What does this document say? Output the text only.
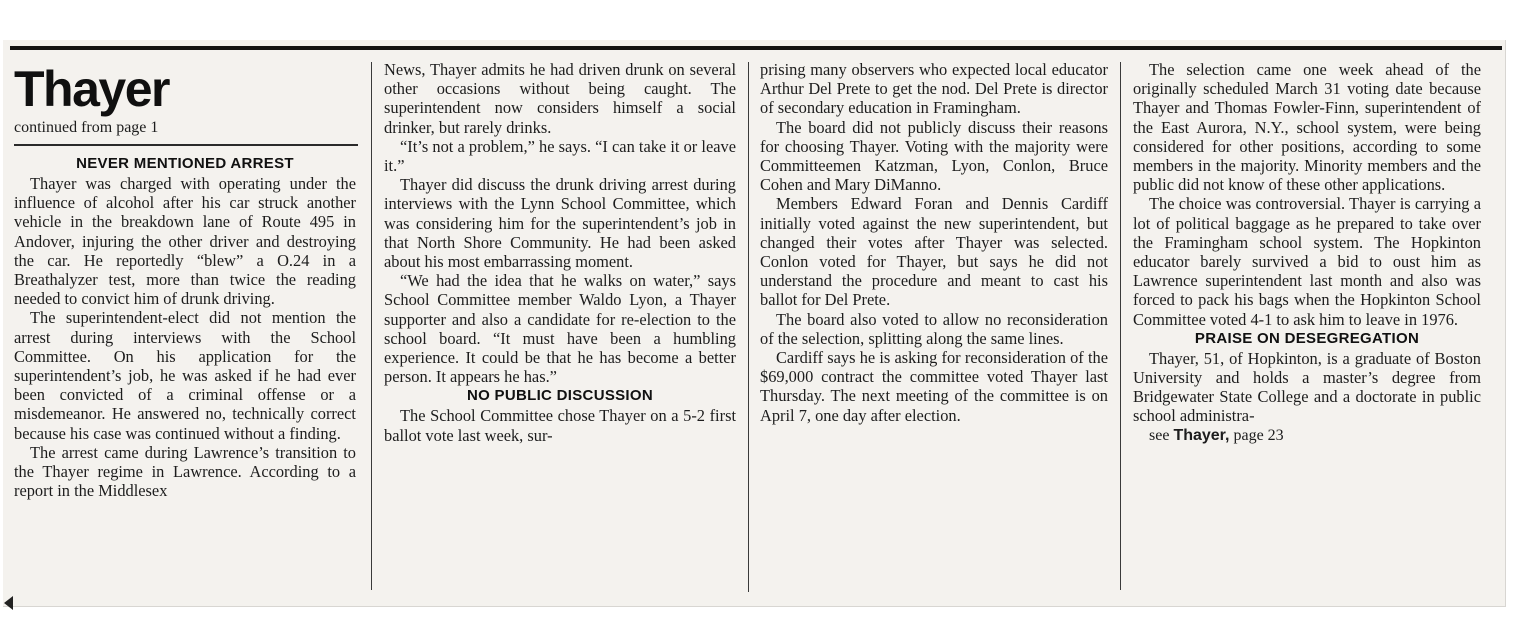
Thayer
continued from page 1
NEVER MENTIONED ARREST

Thayer was charged with operating under the influence of alcohol after his car struck another vehicle in the breakdown lane of Route 495 in Andover, injuring the other driver and destroying the car. He reportedly “blew” a O.24 in a Breathalyzer test, more than twice the reading needed to convict him of drunk driving.

The superintendent-elect did not mention the arrest during interviews with the School Committee. On his application for the superintendent’s job, he was asked if he had ever been convicted of a criminal offense or a misdemeanor. He answered no, technically correct because his case was continued without a finding.

The arrest came during Lawrence’s transition to the Thayer regime in Lawrence. According to a report in the Middlesex

News, Thayer admits he had driven drunk on several other occasions without being caught. The superintendent now considers himself a social drinker, but rarely drinks.

“It’s not a problem,” he says. “I can take it or leave it.”

Thayer did discuss the drunk driving arrest during interviews with the Lynn School Committee, which was considering him for the superintendent’s job in that North Shore Community. He had been asked about his most embarrassing moment.

“We had the idea that he walks on water,” says School Committee member Waldo Lyon, a Thayer supporter and also a candidate for re-election to the school board. “It must have been a humbling experience. It could be that he has become a better person. It appears he has.”

NO PUBLIC DISCUSSION

The School Committee chose Thayer on a 5-2 first ballot vote last week, sur-

prising many observers who expected local educator Arthur Del Prete to get the nod. Del Prete is director of secondary education in Framingham.

The board did not publicly discuss their reasons for choosing Thayer. Voting with the majority were Committeemen Katzman, Lyon, Conlon, Bruce Cohen and Mary DiManno.

Members Edward Foran and Dennis Cardiff initially voted against the new superintendent, but changed their votes after Thayer was selected. Conlon voted for Thayer, but says he did not understand the procedure and meant to cast his ballot for Del Prete.

The board also voted to allow no reconsideration of the selection, splitting along the same lines.

Cardiff says he is asking for reconsideration of the $69,000 contract the committee voted Thayer last Thursday. The next meeting of the committee is on April 7, one day after election.

The selection came one week ahead of the originally scheduled March 31 voting date because Thayer and Thomas Fowler-Finn, superintendent of the East Aurora, N.Y., school system, were being considered for other positions, according to some members in the majority. Minority members and the public did not know of these other applications.

The choice was controversial. Thayer is carrying a lot of political baggage as he prepared to take over the Framingham school system. The Hopkinton educator barely survived a bid to oust him as Lawrence superintendent last month and also was forced to pack his bags when the Hopkinton School Committee voted 4-1 to ask him to leave in 1976.

PRAISE ON DESEGREGATION

Thayer, 51, of Hopkinton, is a graduate of Boston University and holds a master’s degree from Bridgewater State College and a doctorate in public school administra-

see Thayer, page 23
